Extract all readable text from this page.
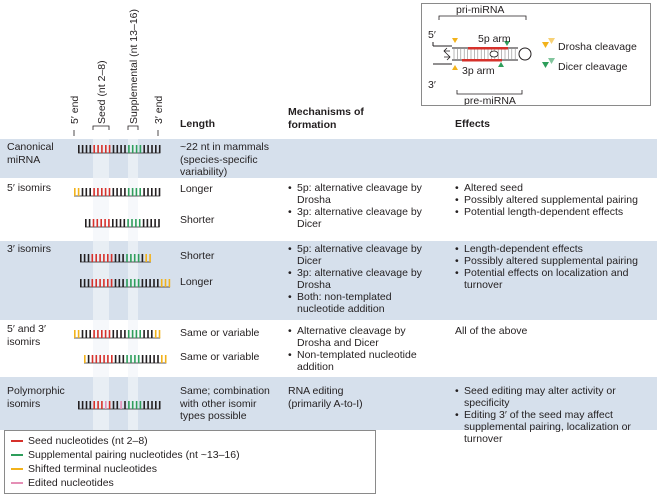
5′ end Seed (nt 2–8) Supplemental (nt 13–16) 3′ end Length
Mechanisms of formation	Effects
Canonical miRNA
5′ isomirs
3′ isomirs
5′ and 3′ isomirs
Polymorphic isomirs
~22 nt in mammals (species-specific variability)
Longer
Shorter
Shorter
Longer
Same or variable
Same or variable
Same; combination with other isomir types possible
• 5p: alternative cleavage by Drosha
• 3p: alternative cleavage by Dicer
• 5p: alternative cleavage by Dicer
• 3p: alternative cleavage by Drosha
• Both: non-templated nucleotide addition
• Alternative cleavage by Drosha and Dicer
• Non-templated nucleotide addition
RNA editing (primarily A-to-I)
• Altered seed
• Possibly altered supplemental pairing
• Potential length-dependent effects
• Length-dependent effects
• Possibly altered supplemental pairing
• Potential effects on localization and turnover
All of the above
• Seed editing may alter activity or specificity
• Editing 3′ of the seed may affect supplemental pairing, localization or turnover
pri-miRNA
pre-miRNA
5p arm
3p arm
5′
3′
Drosha cleavage
Dicer cleavage
Seed nucleotides (nt 2–8)
Supplemental pairing nucleotides (nt ~13–16)
Shifted terminal nucleotides
Edited nucleotides
